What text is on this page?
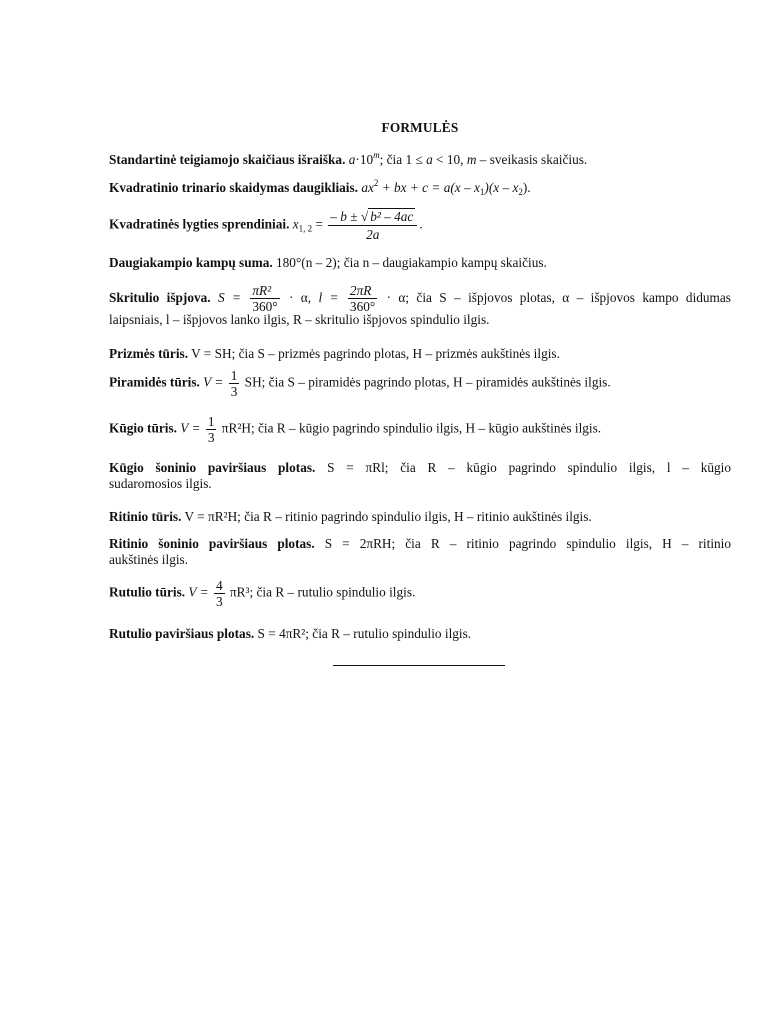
FORMULĖS
Standartinė teigiamojo skaičiaus išraiška. $a\cdot 10^m$; čia 1 ≤ a < 10, m – sveikasis skaičius.
Kvadratinio trinario skaidymas daugikliais. $ax^2$ + bx + $c = a(x - x_1)(x - x_2)$.
Kvadratinės lygties sprendiniai. $x_{1, 2} = \frac{\text{– b ± √ b² – 4ac}}{2a}$ .
Daugiakampio kampų suma. 180°(n – 2); čia n – daugiakampio kampų skaičius.
Skritulio išpjova. $S = \frac{\text{πR²}}{360^\circ} \cdot \alpha$, $l = \frac{2\pi R}{360^\circ} \cdot \alpha$; čia S – išpjovos plotas, α – išpjovos kampo didumas
laipsniais, l – išpjovos lanko ilgis, R – skritulio išpjovos spindulio ilgis.
Prizmės tūris. V = SH; čia S – prizmės pagrindo plotas, H – prizmės aukštinės ilgis.
Piramidės tūris. $V = \frac{1}{3}$ SH; čia S – piramidės pagrindo plotas, H – piramidės aukštinės ilgis.
Kūgio tūris. $V = \frac{1}{3} \pi R^2H$; čia R – kūgio pagrindo spindulio ilgis, H – kūgio aukštinės ilgis.
Kūgio šoninio paviršiaus plotas. S = πRl; čia R – kūgio pagrindo spindulio ilgis, l – kūgio
sudaromosios ilgis.
Ritinio tūris. V = πR²H; čia R – ritinio pagrindo spindulio ilgis, H – ritinio aukštinės ilgis.
Ritinio šoninio paviršiaus plotas. S = 2πRH; čia R – ritinio pagrindo spindulio ilgis, H – ritinio
aukštinės ilgis.
Rutulio tūris. $V = \frac{4}{3} \pi R^3$; čia R – rutulio spindulio ilgis.
Rutulio paviršiaus plotas. S = 4πR²; čia R – rutulio spindulio ilgis.
